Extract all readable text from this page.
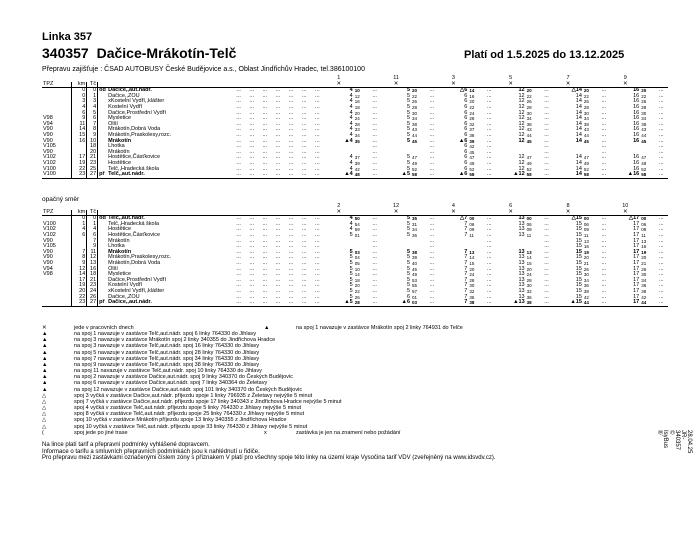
Linka 357
340357 Dačice-Mrákotín-Telč	Platí od 1.5.2025 do 13.12.2025
Přepravu zajišťuje : ČSAD AUTOBUSY České Budějovice a.s., Oblast Jindřichův Hradec, tel.386100100
											1			11			3			5			7			9		
TPZ	km	Tč									✕			✕			✕			✕			✕			✕		
	0	0	od Dačice,,aut.nádr.	...	...	...	...	...	...	...	4	10	...	5	20	...	△6	14	...	12	20	...	△14	20	...	16	20	...
	0	1	Dačice,,ZOU	...	...	...	...	...	...	...	4	12	...	5	22	...	6	16	...	12	22	...	14	22	...	16	22	...
	3	3	xKostelní Vydří,,klášter	...	...	...	...	...	...	...	4	16	...	5	26	...	6	20	...	12	26	...	14	26	...	16	26	...
	4	4	Kostelní Vydří	...	...	...	...	...	...	...	4	18	...	5	28	...	6	22	...	12	28	...	14	28	...	16	28	...
	6	5	Dačice,Prostřední Vydří	...	...	...	...	...	...	...	4	20	...	5	30	...	6	24	...	12	30	...	14	30	...	16	30	...
V98	9	6	Mysletice	...	...	...	...	...	...	...	4	24	...	5	34	...	6	28	...	12	34	...	14	34	...	16	34	...
V94	11	7	Olší	...	...	...	...	...	...	...	4	28	...	5	38	...	6	32	...	12	38	...	14	38	...	16	38	...
V90	14	8	Mrákotín,Dobrá Voda	...	...	...	...	...	...	...	4	33	...	5	43	...	6	37	...	12	43	...	14	43	...	16	43	...
V90	15	9	Mrákotín,Praskolesy,rozc.	...	...	...	...	...	...	...	4	34	...	5	44	...	6	38	...	12	44	...	14	44	...	16	44	...
V90	16	10	Mrákotín	...	...	...	...	...	...	...	▲4	35	...	5	45	...	▲6	39	...	12	45	...	14	45	...	16	45	...
V105		18	Lhotka	...	...	...	...	...	...	...			...			...	6	42	...			...			...			...
V90		20	Mrákotín	...	...	...	...	...	...	...			...			...	6	45	...			...			...			...
V102	17	21	Hostětice,Čásťkovice	...	...	...	...	...	...	...	4	37	...	5	47	...	6	47	...	12	47	...	14	47	...	16	47	...
V102	19	23	Hostětice	...	...	...	...	...	...	...	4	39	...	5	49	...	6	49	...	12	49	...	14	49	...	16	49	...
V100	22	25	Telč,,Hradecká škola	...	...	...	...	...	...	...	4	42	...	5	52	...	6	52	...	12	52	...	14	52	...	16	52	...
V100	23	27	př Telč,,aut.nádr.	...	...	...	...	...	...	...	▲4	48	...	▲5	58	...	▲6	58	...	▲12	58	...	14	58	...	▲16	58	...
opačný směr
											2			12			4			6			8			10		
TPZ	km	Tč									✕			✕			✕			✕			✕			✕		
	0	0	od Telč,,aut.nádr.	...	...	...	...	...	...	...	4	50	...	5	35	...	△7	00	...	13	00	...	△15	00	...	△17	00	...
V100	1	1	Telč,,Hradecká škola	...	...	...	...	...	...	...	4	54	...	5	31	...	7	06	...	13	06	...	15	06	...	17	06	...
V102	4	4	Hostětice	...	...	...	...	...	...	...	4	59	...	5	34	...	7	09	...	13	09	...	15	09	...	17	09	...
V102	6	6	Hostětice,Čásťkovice	...	...	...	...	...	...	...	5	01	...	5	36	...	7	11	...	13	11	...	15	11	...	17	11	...
V90		7	Mrákotín	...	...	...	...	...	...	...			...			...			...			...	15	13	...	17	13	...
V105		9	Lhotka	...	...	...	...	...	...	...			...			...			...			...	15	16	...	17	16	...
V90	7	11	Mrákotín	...	...	...	...	...	...	...	5	03	...	5	38	...	7	13	...	13	13	...	15	19	...	17	19	...
V90	8	12	Mrákotín,Praskolesy,rozc.	...	...	...	...	...	...	...	5	04	...	5	39	...	7	14	...	13	14	...	15	20	...	17	20	...
V90	9	13	Mrákotín,Dobrá Voda	...	...	...	...	...	...	...	5	05	...	5	40	...	7	15	...	13	15	...	15	21	...	17	21	...
V94	12	16	Olší	...	...	...	...	...	...	...	5	10	...	5	45	...	7	20	...	13	20	...	15	26	...	17	26	...
V98	14	18	Mysletice	...	...	...	...	...	...	...	5	14	...	5	49	...	7	24	...	13	24	...	15	30	...	17	30	...
	17	21	Dačice,Prostřední Vydří	...	...	...	...	...	...	...	5	18	...	5	53	...	7	28	...	13	28	...	15	34	...	17	34	...
	19	23	Kostelní Vydří	...	...	...	...	...	...	...	5	20	...	5	55	...	7	30	...	13	30	...	15	36	...	17	36	...
	20	24	xKostelní Vydří,,klášter	...	...	...	...	...	...	...	5	22	...	5	57	...	7	32	...	13	32	...	15	38	...	17	38	...
	22	26	Dačice,,ZOU	...	...	...	...	...	...	...	5	26	...	6	01	...	7	36	...	13	36	...	15	42	...	17	42	...
	23	27	př Dačice,,aut.nádr.	...	...	...	...	...	...	...	▲5	28	...	▲6	03	...	7	38	...	▲13	38	...	▲15	44	...	17	44	...
✕	jede v pracovních dnech	▲	na spoj 1 navazuje v zastávce Mrákotín spoj 2 linky 764931 do Telče
▲	na spoj 1 navazuje v zastávce Telč,aut.nádr. spoj 6 linky 764330 do Jihlavy
▲	na spoj 3 navazuje v zastávce Mrákotín spoj 2 linky 340355 do Jindřichova Hradce
▲	na spoj 3 navazuje v zastávce Telč,aut.nádr. spoj 16 linky 764330 do Jihlavy
▲	na spoj 5 navazuje v zastávce Telč,aut.nádr. spoj 28 linky 764330 do Jihlavy
▲	na spoj 7 navazuje v zastávce Telč,aut.nádr. spoj 34 linky 764330 do Jihlavy
▲	na spoj 9 navazuje v zastávce Telč,aut.nádr. spoj 38 linky 764330 do Jihlavy
▲	na spoj 11 navazuje v zastávce Telč,aut.nádr. spoj 10 linky 764330 do Jihlavy
▲	na spoj 2 navazuje v zastávce Dačice,aut.nádr. spoj 9 linky 340370 do Českých Budějovic
▲	na spoj 6 navazuje v zastávce Dačice,aut.nádr. spoj 7 linky 340364 do Želetavy
▲	na spoj 12 navazuje v zastávce Dačice,aut.nádr. spoj 101 linky 340370 do Českých Budějovic
△	spoj 3 vyčká v zastávce Dačice,aut.nádr. příjezdu spoje 1 linky 796935 z Želetavy nejvýše 5 minut
△	spoj 7 vyčká v zastávce Dačice,aut.nádr. příjezdu spoje 17 linky 340343 z Jindřichova Hradce nejvýše 5 minut
△	spoj 4 vyčká v zastávce Telč,aut.nádr. příjezdu spoje 5 linky 764330 z Jihlavy nejvýše 5 minut
△	spoj 8 vyčká v zastávce Telč,aut.nádr. příjezdu spoje 25 linky 764330 z Jihlavy nejvýše 5 minut
△	spoj 10 vyčká v zastávce Mrákotín příjezdu spoje 13 linky 340355 z Jindřichova Hradce
△	spoj 10 vyčká v zastávce Telč,aut.nádr. příjezdu spoje 33 linky 764330 z Jihlavy nejvýše 5 minut
(	spoj jede po jiné trase	x	zastávka je jen na znamení nebo požádání
Na lince platí tarif a přepravní podmínky vyhlášené dopravcem.
Informace o tarifu a smluvních přepravních podmínkách jsou k nahlédnutí u řidiče.
Pro přepravu mezi zastávkami označenými číslem zóny s příznakem V platí pro všechny spoje této linky na území kraje Vysočina tarif VDV (zveřejněný na www.idsvdv.cz).
28.04.25 JR-340357 © IsyBus ®
